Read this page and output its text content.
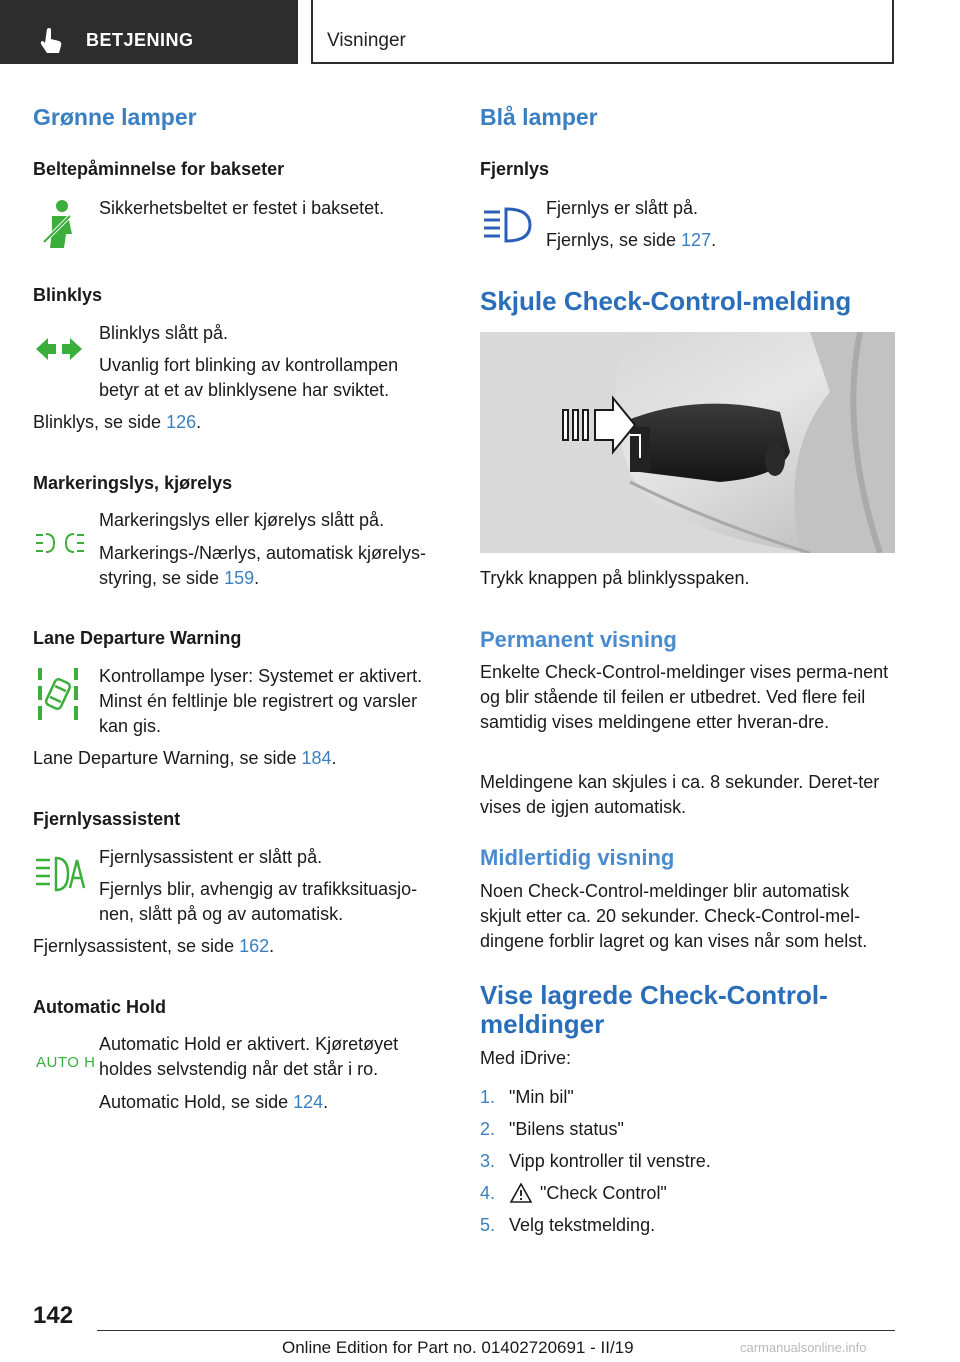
BETJENING	Visninger
Grønne lamper
Beltepåminnelse for bakseter
Sikkerhetsbeltet er festet i baksetet.
Blinklys
Blinklys slått på.
Uvanlig fort blinking av kontrollampen betyr at et av blinklysene har sviktet.
Blinklys, se side 126.
Markeringslys, kjørelys
Markeringslys eller kjørelys slått på.
Markerings-/Nærlys, automatisk kjørelys-styring, se side 159.
Lane Departure Warning
Kontrollampe lyser: Systemet er aktivert. Minst én feltlinje ble registrert og varsler kan gis.
Lane Departure Warning, se side 184.
Fjernlysassistent
Fjernlysassistent er slått på.
Fjernlys blir, avhengig av trafikksituasjo-nen, slått på og av automatisk.
Fjernlysassistent, se side 162.
Automatic Hold
AUTO H
Automatic Hold er aktivert. Kjøretøyet holdes selvstendig når det står i ro.
Automatic Hold, se side 124.
Blå lamper
Fjernlys
Fjernlys er slått på.
Fjernlys, se side 127.
Skjule Check-Control-melding
Trykk knappen på blinklysspaken.
Permanent visning
Enkelte Check-Control-meldinger vises perma-nent og blir stående til feilen er utbedret. Ved flere feil samtidig vises meldingene etter hveran-dre.
Meldingene kan skjules i ca. 8 sekunder. Deret-ter vises de igjen automatisk.
Midlertidig visning
Noen Check-Control-meldinger blir automatisk skjult etter ca. 20 sekunder. Check-Control-mel-dingene forblir lagret og kan vises når som helst.
Vise lagrede Check-Control-
meldinger
Med iDrive:
1. "Min bil"
2. "Bilens status"
3. Vipp kontroller til venstre.
4. "Check Control"
5. Velg tekstmelding.
142
Online Edition for Part no. 01402720691 - II/19	carmanualsonline.info
